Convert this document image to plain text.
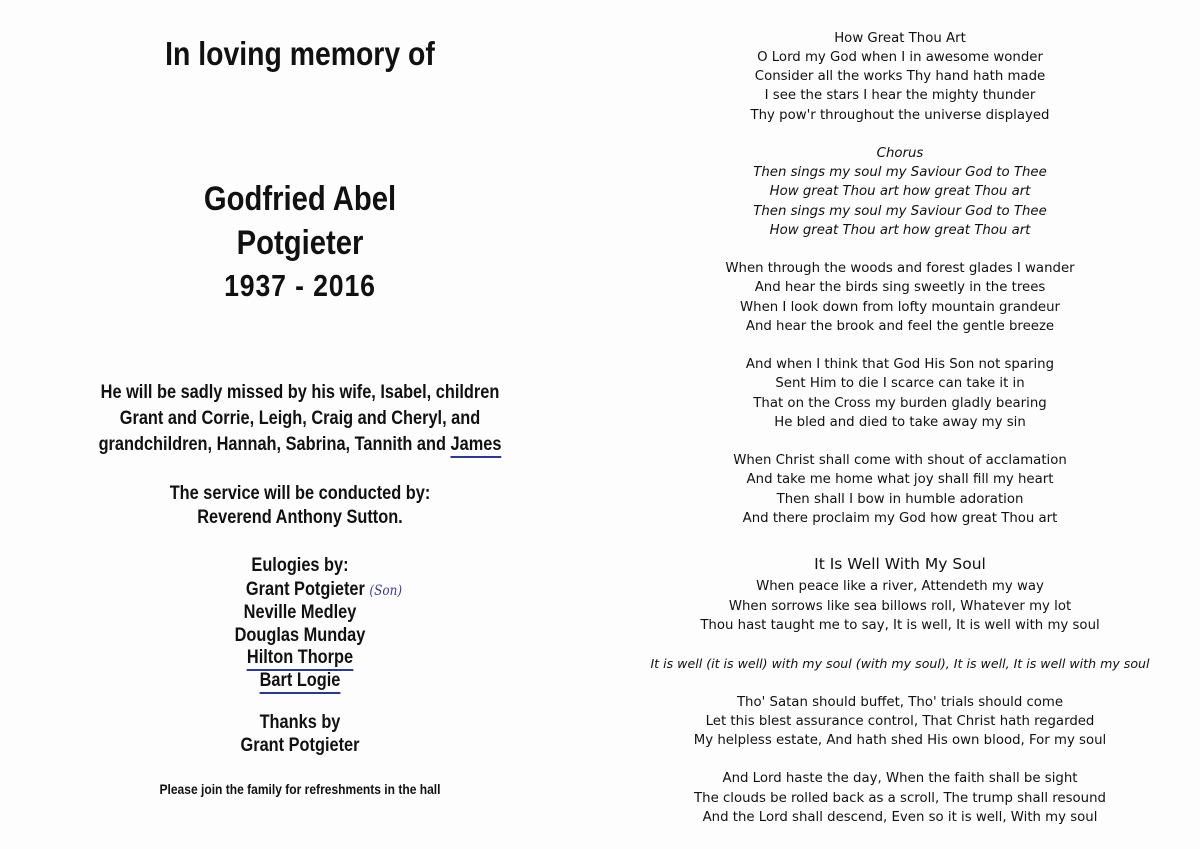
In loving memory of
Godfried Abel
Potgieter
1937 - 2016
He will be sadly missed by his wife, Isabel, children
Grant and Corrie, Leigh, Craig and Cheryl, and
grandchildren, Hannah, Sabrina, Tannith and James
The service will be conducted by:
Reverend Anthony Sutton.
Eulogies by:
Grant Potgieter (Son)
Neville Medley
Douglas Munday
Hilton Thorpe
Bart Logie
Thanks by
Grant Potgieter
Please join the family for refreshments in the hall
How Great Thou Art
O Lord my God when I in awesome wonder
Consider all the works Thy hand hath made
I see the stars I hear the mighty thunder
Thy pow'r throughout the universe displayed
Chorus
Then sings my soul my Saviour God to Thee
How great Thou art how great Thou art
Then sings my soul my Saviour God to Thee
How great Thou art how great Thou art
When through the woods and forest glades I wander
And hear the birds sing sweetly in the trees
When I look down from lofty mountain grandeur
And hear the brook and feel the gentle breeze
And when I think that God His Son not sparing
Sent Him to die I scarce can take it in
That on the Cross my burden gladly bearing
He bled and died to take away my sin
When Christ shall come with shout of acclamation
And take me home what joy shall fill my heart
Then shall I bow in humble adoration
And there proclaim my God how great Thou art
It Is Well With My Soul
When peace like a river, Attendeth my way
When sorrows like sea billows roll, Whatever my lot
Thou hast taught me to say, It is well, It is well with my soul
It is well (it is well) with my soul (with my soul), It is well, It is well with my soul
Tho' Satan should buffet, Tho' trials should come
Let this blest assurance control, That Christ hath regarded
My helpless estate, And hath shed His own blood, For my soul
And Lord haste the day, When the faith shall be sight
The clouds be rolled back as a scroll, The trump shall resound
And the Lord shall descend, Even so it is well, With my soul
